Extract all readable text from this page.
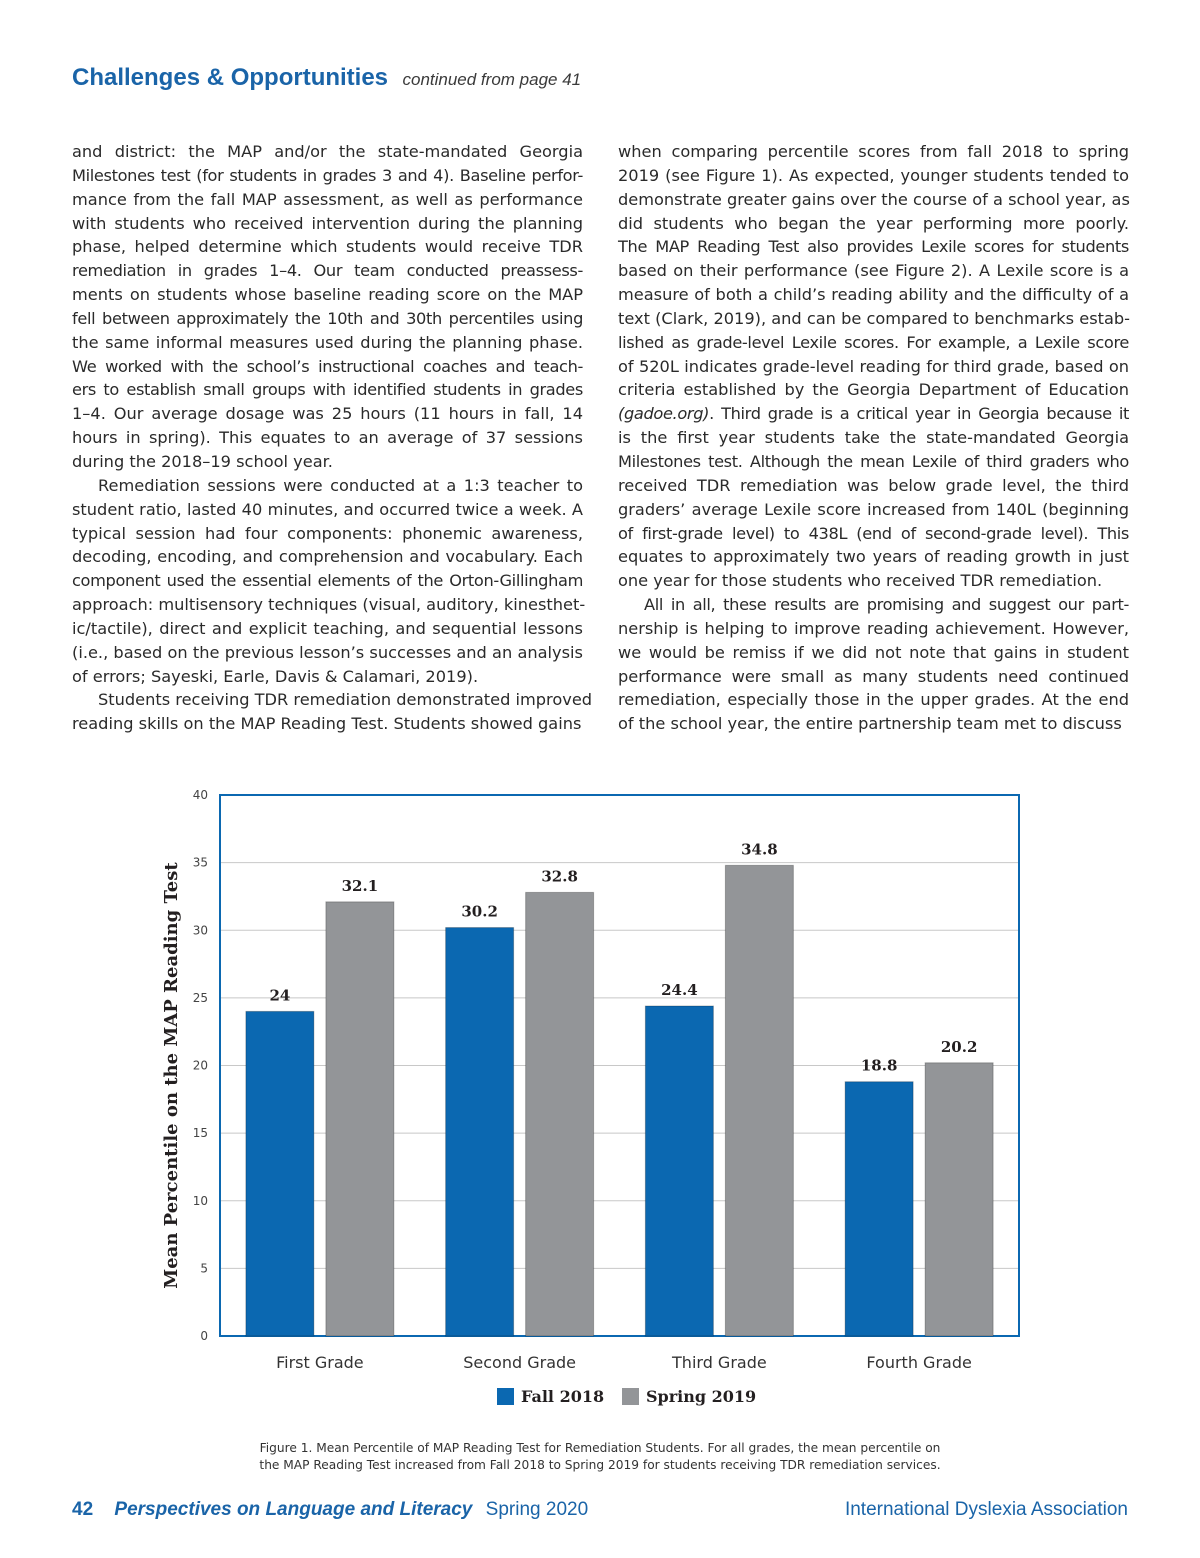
Challenges & Opportunities continued from page 41
and district: the MAP and/or the state-mandated Georgia
Milestones test (for students in grades 3 and 4). Baseline perfor-
mance from the fall MAP assessment, as well as performance
with students who received intervention during the planning
phase, helped determine which students would receive TDR
remediation in grades 1–4. Our team conducted preassess-
ments on students whose baseline reading score on the MAP
fell between approximately the 10th and 30th percentiles using
the same informal measures used during the planning phase.
We worked with the school’s instructional coaches and teach-
ers to establish small groups with identified students in grades
1–4. Our average dosage was 25 hours (11 hours in fall, 14
hours in spring). This equates to an average of 37 sessions
during the 2018–19 school year.
Remediation sessions were conducted at a 1:3 teacher to
student ratio, lasted 40 minutes, and occurred twice a week. A
typical session had four components: phonemic awareness,
decoding, encoding, and comprehension and vocabulary. Each
component used the essential elements of the Orton-Gillingham
approach: multisensory techniques (visual, auditory, kinesthet-
ic/tactile), direct and explicit teaching, and sequential lessons
(i.e., based on the previous lesson’s successes and an analysis
of errors; Sayeski, Earle, Davis & Calamari, 2019).
Students receiving TDR remediation demonstrated improved
reading skills on the MAP Reading Test. Students showed gains
when comparing percentile scores from fall 2018 to spring
2019 (see Figure 1). As expected, younger students tended to
demonstrate greater gains over the course of a school year, as
did students who began the year performing more poorly.
The MAP Reading Test also provides Lexile scores for students
based on their performance (see Figure 2). A Lexile score is a
measure of both a child’s reading ability and the difficulty of a
text (Clark, 2019), and can be compared to benchmarks estab-
lished as grade-level Lexile scores. For example, a Lexile score
of 520L indicates grade-level reading for third grade, based on
criteria established by the Georgia Department of Education
(gadoe.org). Third grade is a critical year in Georgia because it
is the first year students take the state-mandated Georgia
Milestones test. Although the mean Lexile of third graders who
received TDR remediation was below grade level, the third
graders’ average Lexile score increased from 140L (beginning
of first-grade level) to 438L (end of second-grade level). This
equates to approximately two years of reading growth in just
one year for those students who received TDR remediation.
All in all, these results are promising and suggest our part-
nership is helping to improve reading achievement. However,
we would be remiss if we did not note that gains in student
performance were small as many students need continued
remediation, especially those in the upper grades. At the end
of the school year, the entire partnership team met to discuss
0
5
10
15
20
25
30
35
40
24
32.1
First Grade
30.2
32.8
Second Grade
24.4
34.8
Third Grade
18.8
20.2
Fourth Grade
Mean Percentile on the MAP Reading Test
Fall 2018	Spring 2019
Figure 1. Mean Percentile of MAP Reading Test for Remediation Students. For all grades, the mean percentile on
the MAP Reading Test increased from Fall 2018 to Spring 2019 for students receiving TDR remediation services.
42 Perspectives on Language and Literacy Spring 2020	International Dyslexia Association
